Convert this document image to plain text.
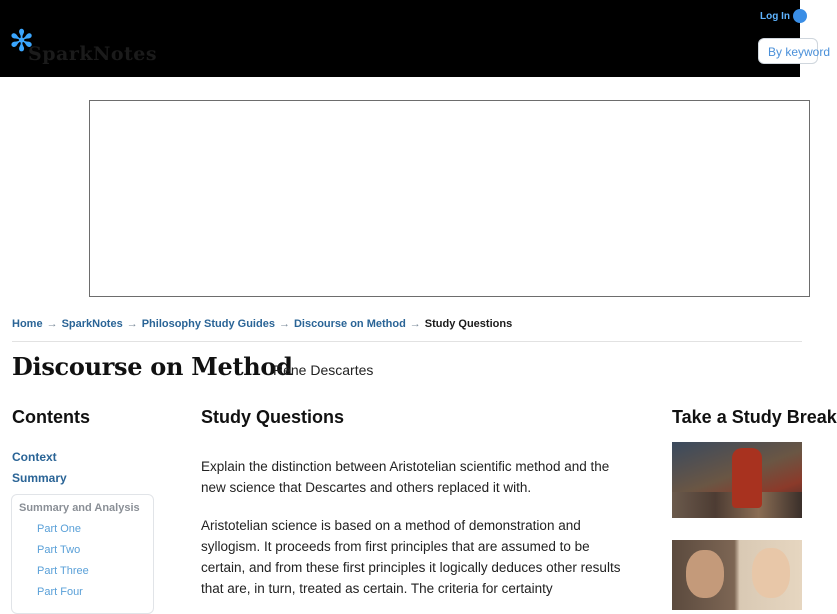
✻
SparkNotes
Log In
By keyword
Home → SparkNotes → Philosophy Study Guides → Discourse on Method → Study Questions
Discourse on Method
Rene Descartes
Contents
Context
Summary
Summary and Analysis
Part One
Part Two
Part Three
Part Four
Study Questions

Explain the distinction between Aristotelian scientific method and the new science that Descartes and others replaced it with.

Aristotelian science is based on a method of demonstration and syllogism. It proceeds from first principles that are assumed to be certain, and from these first principles it logically deduces other results that are, in turn, treated as certain. The criteria for certainty

Take a Study Break
